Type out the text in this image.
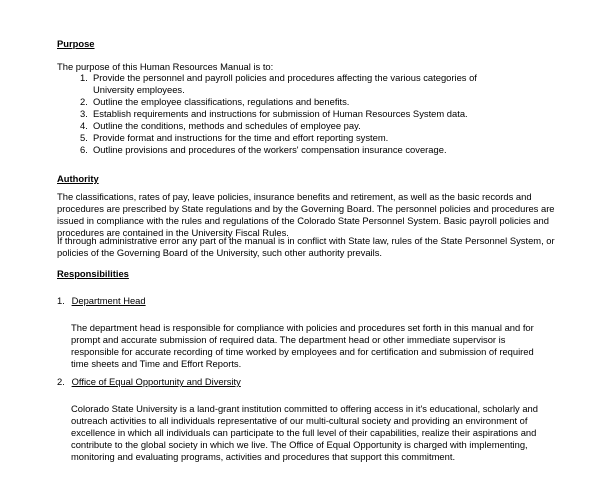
Purpose
The purpose of this Human Resources Manual is to:
1. Provide the personnel and payroll policies and procedures affecting the various categories of University employees.
2. Outline the employee classifications, regulations and benefits.
3. Establish requirements and instructions for submission of Human Resources System data.
4. Outline the conditions, methods and schedules of employee pay.
5. Provide format and instructions for the time and effort reporting system.
6. Outline provisions and procedures of the workers' compensation insurance coverage.
Authority
The classifications, rates of pay, leave policies, insurance benefits and retirement, as well as the basic records and procedures are prescribed by State regulations and by the Governing Board. The personnel policies and procedures are issued in compliance with the rules and regulations of the Colorado State Personnel System. Basic payroll policies and procedures are contained in the University Fiscal Rules.
If through administrative error any part of the manual is in conflict with State law, rules of the State Personnel System, or policies of the Governing Board of the University, such other authority prevails.
Responsibilities
1. Department Head
The department head is responsible for compliance with policies and procedures set forth in this manual and for prompt and accurate submission of required data. The department head or other immediate supervisor is responsible for accurate recording of time worked by employees and for certification and submission of required time sheets and Time and Effort Reports.
2. Office of Equal Opportunity and Diversity
Colorado State University is a land-grant institution committed to offering access in it's educational, scholarly and outreach activities to all individuals representative of our multi-cultural society and providing an environment of excellence in which all individuals can participate to the full level of their capabilities, realize their aspirations and contribute to the global society in which we live. The Office of Equal Opportunity is charged with implementing, monitoring and evaluating programs, activities and procedures that support this commitment.
